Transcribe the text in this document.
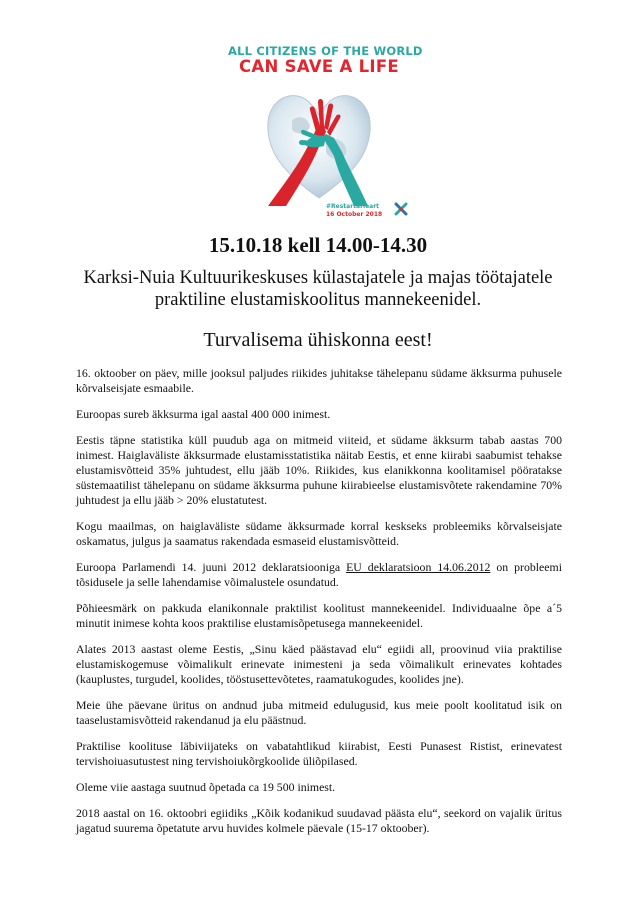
ALL CITIZENS OF THE WORLD
CAN SAVE A LIFE
#RestartaHeart
16 October 2018
15.10.18 kell 14.00-14.30
Karksi-Nuia Kultuurikeskuses külastajatele ja majas töötajatele praktiline elustamiskoolitus mannekeenidel.
Turvalisema ühiskonna eest!

16. oktoober on päev, mille jooksul paljudes riikides juhitakse tähelepanu südame äkksurma puhusele kõrvalseisjate esmaabile.

Euroopas sureb äkksurma igal aastal 400 000 inimest.

Eestis täpne statistika küll puudub aga on mitmeid viiteid, et südame äkksurm tabab aastas 700 inimest. Haiglaväliste äkksurmade elustamisstatistika näitab Eestis, et enne kiirabi saabumist tehakse elustamisvõtteid 35% juhtudest, ellu jääb 10%. Riikides, kus elanikkonna koolitamisel pööratakse süstemaatilist tähelepanu on südame äkksurma puhune kiirabieelse elustamisvõtete rakendamine 70% juhtudest ja ellu jääb > 20% elustatutest.

Kogu maailmas, on haiglaväliste südame äkksurmade korral keskseks probleemiks kõrvalseisjate oskamatus, julgus ja saamatus rakendada esmaseid elustamisvõtteid.

Euroopa Parlamendi 14. juuni 2012 deklaratsiooniga EU deklaratsioon 14.06.2012 on probleemi tõsidusele ja selle lahendamise võimalustele osundatud.

Põhieesmärk on pakkuda elanikonnale praktilist koolitust mannekeenidel. Individuaalne õpe a´5 minutit inimese kohta koos praktilise elustamisõpetusega mannekeenidel.

Alates 2013 aastast oleme Eestis, „Sinu käed päästavad elu“ egiidi all, proovinud viia praktilise elustamiskogemuse võimalikult erinevate inimesteni ja seda võimalikult erinevates kohtades (kauplustes, turgudel, koolides, tööstusettevõtetes, raamatukogudes, koolides jne).

Meie ühe päevane üritus on andnud juba mitmeid edulugusid, kus meie poolt koolitatud isik on taaselustamisvõtteid rakendanud ja elu päästnud.

Praktilise koolituse läbiviijateks on vabatahtlikud kiirabist, Eesti Punasest Ristist, erinevatest tervishoiuasutustest ning tervishoiukõrgkoolide üliõpilased.

Oleme viie aastaga suutnud õpetada ca 19 500 inimest.

2018 aastal on 16. oktoobri egiidiks „Kõik kodanikud suudavad päästa elu“, seekord on vajalik üritus jagatud suurema õpetatute arvu huvides kolmele päevale (15-17 oktoober).
